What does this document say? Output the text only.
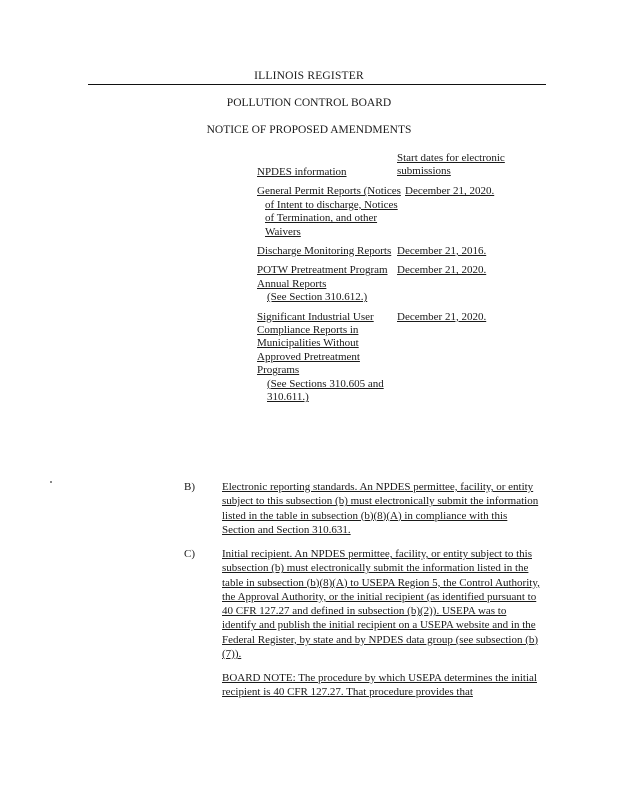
ILLINOIS REGISTER
POLLUTION CONTROL BOARD
NOTICE OF PROPOSED AMENDMENTS
NPDES information
Start dates for electronic submissions
General Permit Reports (Notices of Intent to discharge, Notices of Termination, and other Waivers
December 21, 2020.
Discharge Monitoring Reports December 21, 2016.
POTW Pretreatment Program Annual Reports
(See Section 310.612.)
December 21, 2020.
Significant Industrial User Compliance Reports in Municipalities Without Approved Pretreatment Programs
(See Sections 310.605 and 310.611.)
December 21, 2020.
B)	Electronic reporting standards. An NPDES permittee, facility, or entity subject to this subsection (b) must electronically submit the information listed in the table in subsection (b)(8)(A) in compliance with this Section and Section 310.631.
C)	Initial recipient. An NPDES permittee, facility, or entity subject to this subsection (b) must electronically submit the information listed in the table in subsection (b)(8)(A) to USEPA Region 5, the Control Authority, the Approval Authority, or the initial recipient (as identified pursuant to 40 CFR 127.27 and defined in subsection (b)(2)). USEPA was to identify and publish the initial recipient on a USEPA website and in the Federal Register, by state and by NPDES data group (see subsection (b)(7)).
BOARD NOTE: The procedure by which USEPA determines the initial recipient is 40 CFR 127.27. That procedure provides that
